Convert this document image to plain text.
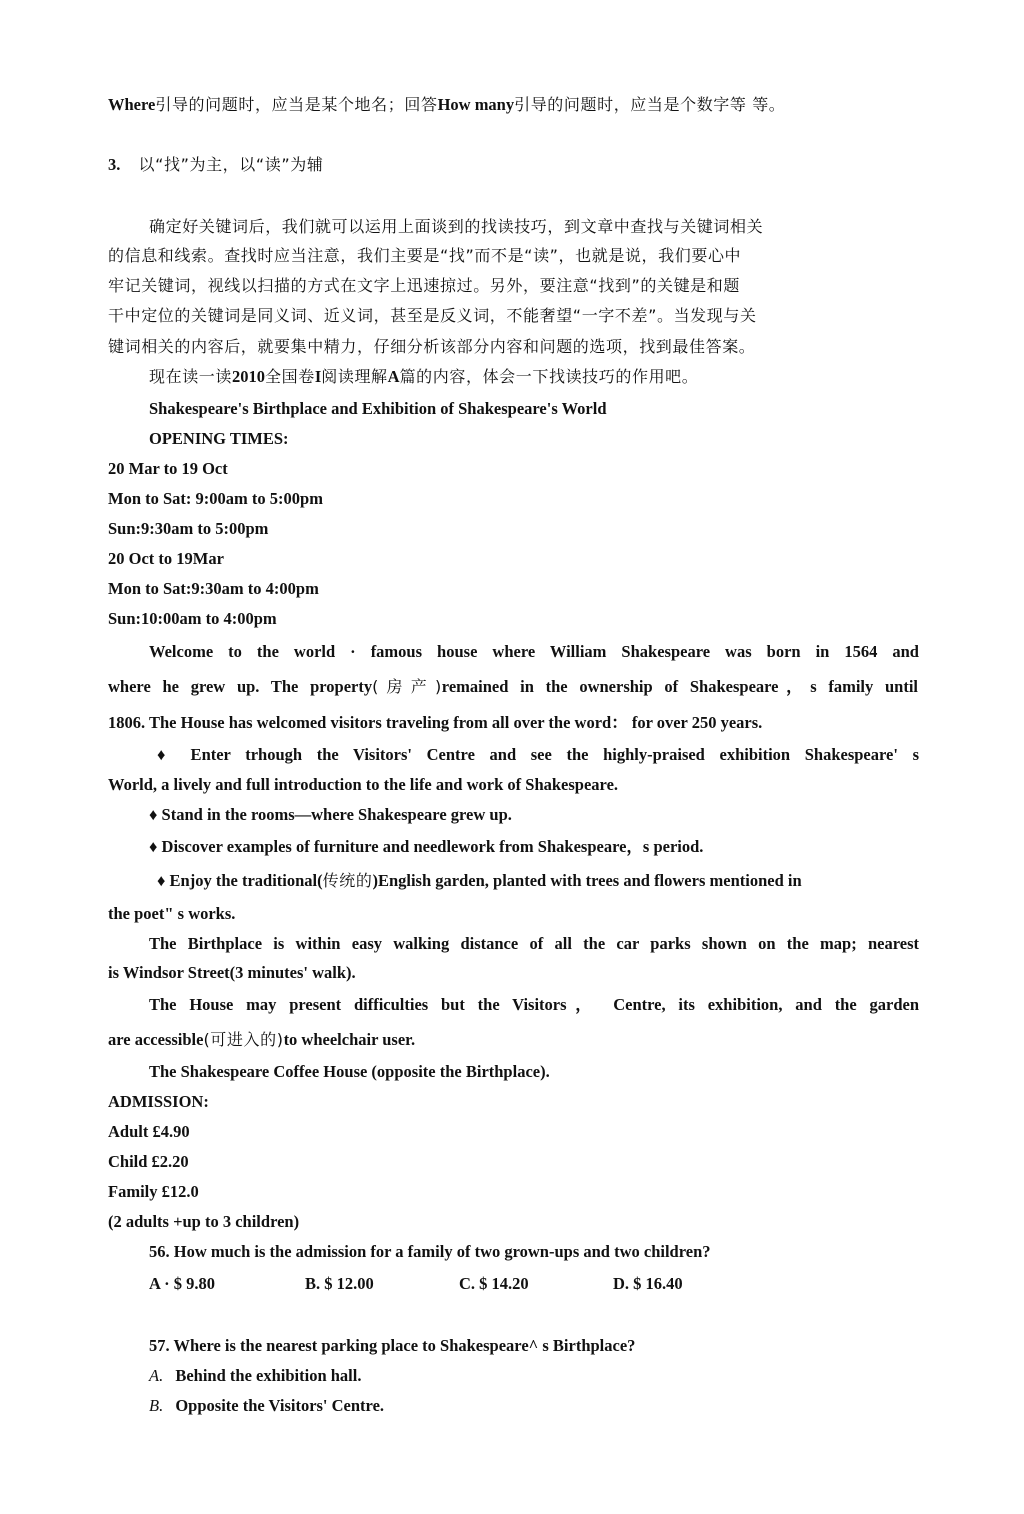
Where引导的问题时，应当是某个地名；回答How many引导的问题时，应当是个数字等 等。
3. 以“找”为主，以“读”为辅
确定好关键词后，我们就可以运用上面谈到的找读技巧，到文章中查找与关键词相关
的信息和线索。查找时应当注意，我们主要是“找”而不是“读”，也就是说，我们要心中
牢记关键词，视线以扫描的方式在文字上迅速掠过。另外，要注意“找到”的关键是和题
干中定位的关键词是同义词、近义词，甚至是反义词，不能奢望“一字不差”。当发现与关
键词相关的内容后，就要集中精力，仔细分析该部分内容和问题的选项，找到最佳答案。
现在读一读2010全国卷I阅读理解A篇的内容，体会一下找读技巧的作用吧。
Shakespeare's Birthplace and Exhibition of Shakespeare's World
OPENING TIMES:
20 Mar to 19 Oct
Mon to Sat: 9:00am to 5:00pm
Sun:9:30am to 5:00pm
20 Oct to 19Mar
Mon to Sat:9:30am to 4:00pm
Sun:10:00am to 4:00pm
Welcome to the world · famous house where William Shakespeare was born in 1564 and
where he grew up. The property(房产)remained in the ownership of Shakespeare，s family until
1806. The House has welcomed visitors traveling from all over the word： for over 250 years.
♦ Enter trhough the Visitors' Centre and see the highly-praised exhibition Shakespeare' s
World, a lively and full introduction to the life and work of Shakespeare.
♦ Stand in the rooms—where Shakespeare grew up.
♦ Discover examples of furniture and needlework from Shakespeare，s period.
♦ Enjoy the traditional(传统的)English garden, planted with trees and flowers mentioned in
the poet" s works.
The Birthplace is within easy walking distance of all the car parks shown on the map; nearest
is Windsor Street(3 minutes' walk).
The House may present difficulties but the Visitors， Centre, its exhibition, and the garden
are accessible(可进入的)to wheelchair user.
The Shakespeare Coffee House (opposite the Birthplace).
ADMISSION:
Adult £4.90
Child £2.20
Family £12.0
(2 adults +up to 3 children)
56. How much is the admission for a family of two grown-ups and two children?
A · $ 9.80	B. $ 12.00	C. $ 14.20	D. $ 16.40
57. Where is the nearest parking place to Shakespeare^ s Birthplace?
A. Behind the exhibition hall.
B. Opposite the Visitors' Centre.
